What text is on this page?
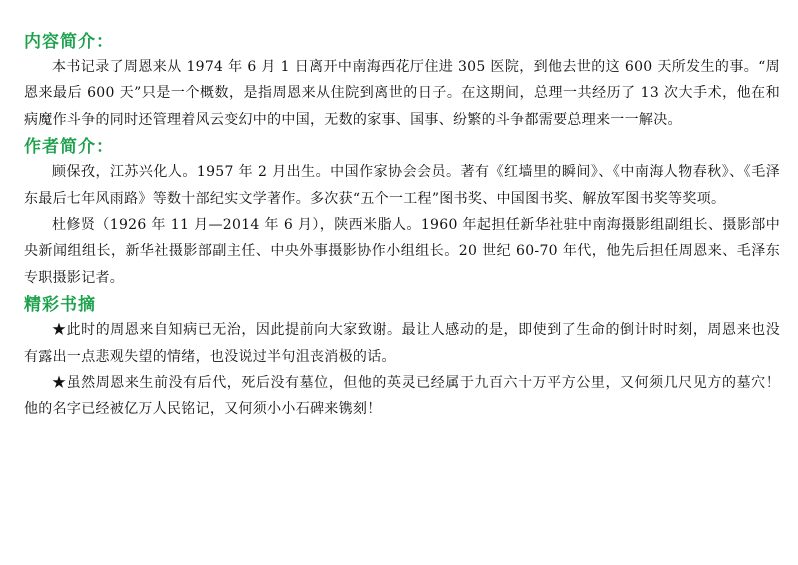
内容简介：

本书记录了周恩来从 1974 年 6 月 1 日离开中南海西花厅住进 305 医院，到他去世的这 600 天所发生的事。“周恩来最后 600 天”只是一个概数，是指周恩来从住院到离世的日子。在这期间，总理一共经历了 13 次大手术，他在和病魔作斗争的同时还管理着风云变幻中的中国，无数的家事、国事、纷繁的斗争都需要总理来一一解决。

作者简介：

顾保孜，江苏兴化人。1957 年 2 月出生。中国作家协会会员。著有《红墙里的瞬间》、《中南海人物春秋》、《毛泽东最后七年风雨路》等数十部纪实文学著作。多次获“五个一工程”图书奖、中国图书奖、解放军图书奖等奖项。

杜修贤（1926 年 11 月—2014 年 6 月），陕西米脂人。1960 年起担任新华社驻中南海摄影组副组长、摄影部中央新闻组组长，新华社摄影部副主任、中央外事摄影协作小组组长。20 世纪 60-70 年代，他先后担任周恩来、毛泽东专职摄影记者。

精彩书摘

★此时的周恩来自知病已无治，因此提前向大家致谢。最让人感动的是，即使到了生命的倒计时时刻，周恩来也没有露出一点悲观失望的情绪，也没说过半句沮丧消极的话。

★虽然周恩来生前没有后代，死后没有墓位，但他的英灵已经属于九百六十万平方公里，又何须几尺见方的墓穴！他的名字已经被亿万人民铭记，又何须小小石碑来镌刻！
